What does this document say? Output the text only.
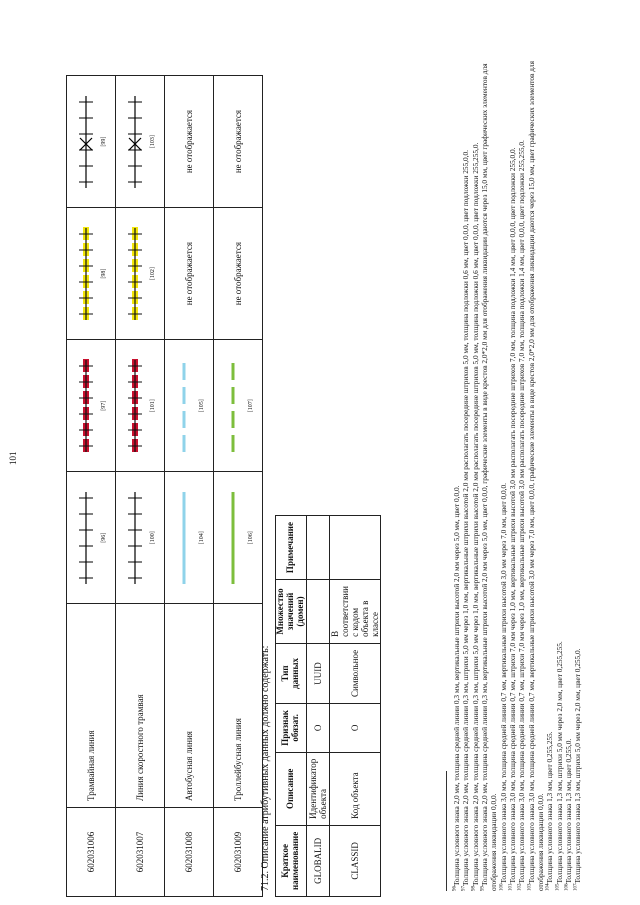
101
602031006	Трамвайная линия	[ 96 ]	[ 97 ]	[ 98 ]	[ 99 ]

602031007	Линия скоростного трамвая	[ 100 ]	[ 101 ]	[ 102 ]	[ 103 ]

602031008	Автобусная линия	[ 104 ]	[ 105 ]	не отображается	не отображается
602031009	Троллейбусная линия	[ 106 ]	[ 107 ]	не отображается	не отображается
71.2. Описание атрибутивных данных должно содержать: Краткое наименование	Описание	Признак обязат.	Тип данных	Множество значений (домен)	Примечание
GLOBALID	Идентификатор объекта	О	UUID		
CLASSID	Код объекта	О	Символьное	В соответствии с кодом объекта в классе	

$^{96}$Толщина условного знака 2,0 мм, толщина средней линии 0,3 мм, вертикальные штрихи высотой 2,0 мм через 5,0 мм, цвет 0,0,0.

$^{97}$Толщина условного знака 2,0 мм, толщина средней линии 0,3 мм, штрихи 5,0 мм через 1,0 мм, вертикальные штрихи высотой 2,0 мм располагать посередине штрихов 5,0 мм, толщина подложки 0,6 мм, цвет 0,0,0, цвет подложки 255,0,0.

$^{98}$Толщина условного знака 2,0 мм, толщина средней линии 0,3 мм, штрихи 5,0 мм через 1,0 мм, вертикальные штрихи высотой 2,0 мм располагать посередине штрихов 5,0 мм, толщина подложки 0,6 мм, цвет 0,0,0, цвет подложки 255,255,0.

$^{99}$Толщина условного знака 2,0 мм, толщина средней линии 0,3 мм, вертикальные штрихи высотой 2,0 мм через 5,0 мм, цвет 0,0,0, графические элементы в виде крестов 2,0*2,0 мм для отображения ликвидации даются через 15,0 мм, цвет графических элементов для отображения ликвидации 0,0,0. $^{100}$Толщина условного знака 3,0 мм, толщина средней линии 0,7 мм, вертикальные штрихи высотой 3,0 мм через 7,0 мм, цвет 0,0,0.

$^{101}$Толщина условного знака 3,0 мм, толщина средней линии 0,7 мм, штрихи 7,0 мм через 1,0 мм, вертикальные штрихи высотой 3,0 мм располагать посередине штрихов 7,0 мм, толщина подложки 1,4 мм, цвет 0,0,0, цвет подложки 255,0,0.

$^{102}$Толщина условного знака 3,0 мм, толщина средней линии 0,7 мм, штрихи 7,0 мм через 1,0 мм, вертикальные штрихи высотой 3,0 мм располагать посередине штрихов 7,0 мм, толщина подложки 1,4 мм, цвет 0,0,0, цвет подложки 255,255,0.

$^{103}$Толщина условного знака 3,0 мм, толщина средней линии 0,7 мм, вертикальные штрихи высотой 3,0 мм через 7,0 мм, цвет 0,0,0, графические элементы в виде крестов 2,0*2,0 мм для отображения ликвидации даются через 15,0 мм, цвет графических элементов для отображения ликвидации 0,0,0. $^{104}$Толщина условного знака 1,3 мм, цвет 0,255,255.

$^{105}$Толщина условного знака 1,3 мм, штрихи 5,0 мм через 2,0 мм, цвет 0,255,255.

$^{106}$Толщина условного знака 1,3 мм, цвет 0,255,0.

$^{107}$Толщина условного знака 1,3 мм, штрихи 5,0 мм через 2,0 мм, цвет 0,255,0.
